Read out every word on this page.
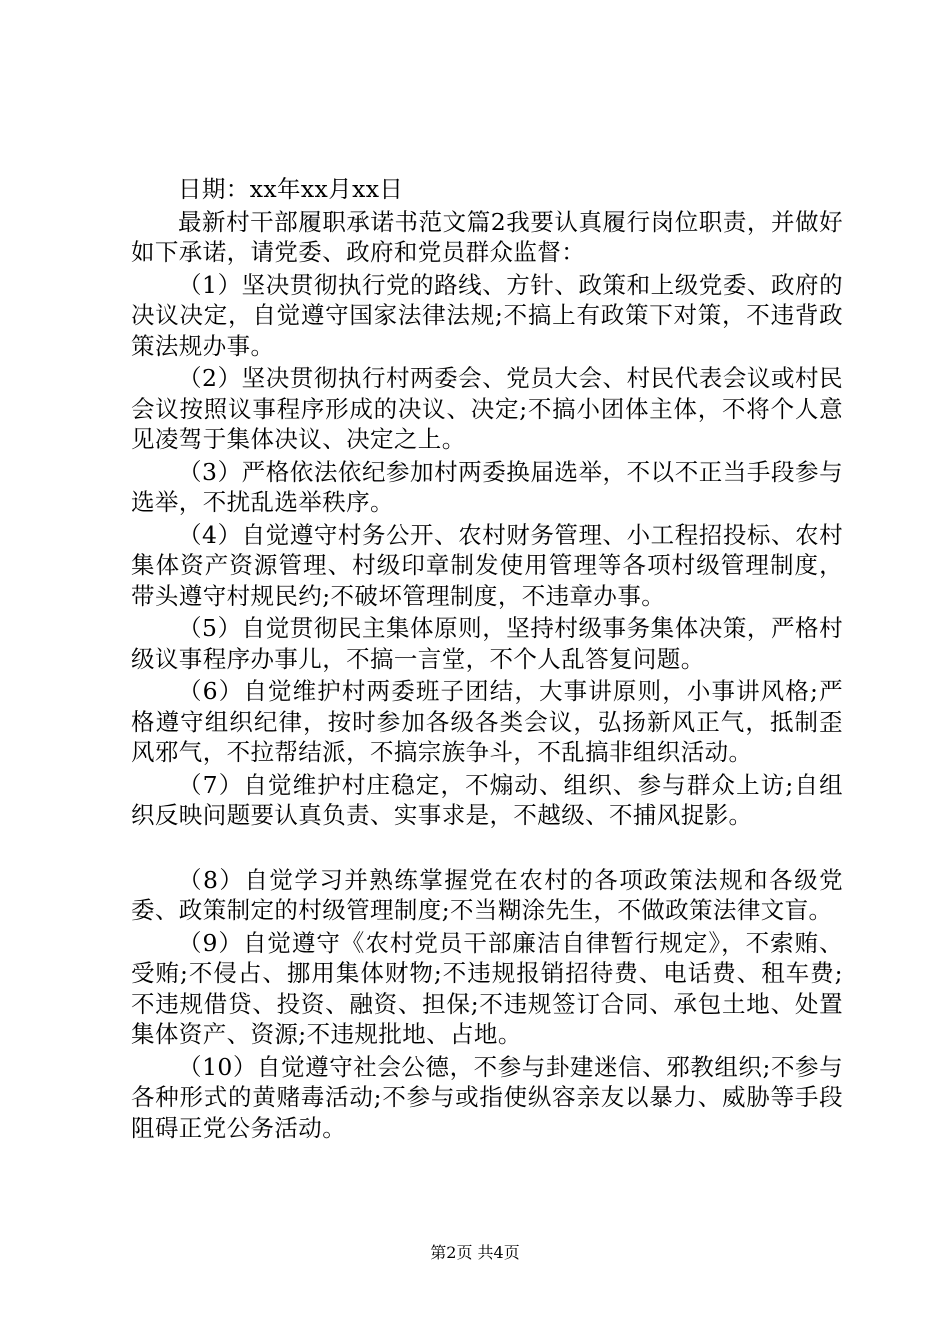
日期：xx年xx月xx日

最新村干部履职承诺书范文篇2我要认真履行岗位职责，并做好如下承诺，请党委、政府和党员群众监督：

（1）坚决贯彻执行党的路线、方针、政策和上级党委、政府的决议决定，自觉遵守国家法律法规;不搞上有政策下对策，不违背政策法规办事。

（2）坚决贯彻执行村两委会、党员大会、村民代表会议或村民会议按照议事程序形成的决议、决定;不搞小团体主体，不将个人意见凌驾于集体决议、决定之上。

（3）严格依法依纪参加村两委换届选举，不以不正当手段参与选举，不扰乱选举秩序。

（4）自觉遵守村务公开、农村财务管理、小工程招投标、农村集体资产资源管理、村级印章制发使用管理等各项村级管理制度，带头遵守村规民约;不破坏管理制度，不违章办事。

（5）自觉贯彻民主集体原则，坚持村级事务集体决策，严格村级议事程序办事儿，不搞一言堂，不个人乱答复问题。

（6）自觉维护村两委班子团结，大事讲原则，小事讲风格;严格遵守组织纪律，按时参加各级各类会议，弘扬新风正气，抵制歪风邪气，不拉帮结派，不搞宗族争斗，不乱搞非组织活动。

（7）自觉维护村庄稳定，不煽动、组织、参与群众上访;自组织反映问题要认真负责、实事求是，不越级、不捕风捉影。

（8）自觉学习并熟练掌握党在农村的各项政策法规和各级党委、政策制定的村级管理制度;不当糊涂先生，不做政策法律文盲。

（9）自觉遵守《农村党员干部廉洁自律暂行规定》，不索贿、受贿;不侵占、挪用集体财物;不违规报销招待费、电话费、租车费;不违规借贷、投资、融资、担保;不违规签订合同、承包土地、处置集体资产、资源;不违规批地、占地。

（10）自觉遵守社会公德，不参与卦建迷信、邪教组织;不参与各种形式的黄赌毒活动;不参与或指使纵容亲友以暴力、威胁等手段阻碍正党公务活动。

第2页 共4页
